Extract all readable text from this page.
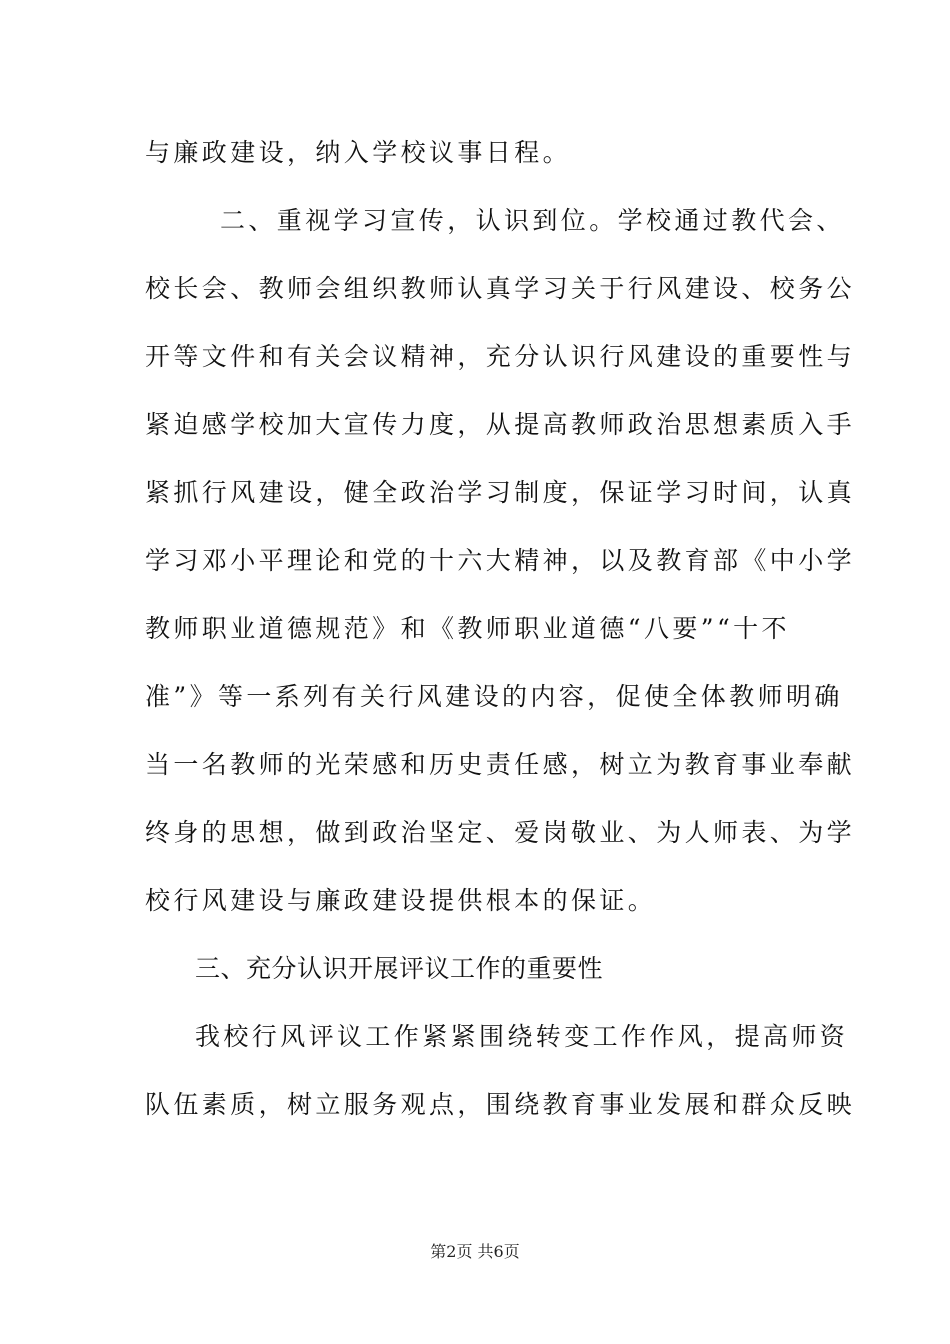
与廉政建设，纳入学校议事日程。
二、重视学习宣传，认识到位。学校通过教代会、
校长会、教师会组织教师认真学习关于行风建设、校务公
开等文件和有关会议精神，充分认识行风建设的重要性与
紧迫感学校加大宣传力度，从提高教师政治思想素质入手
紧抓行风建设，健全政治学习制度，保证学习时间，认真
学习邓小平理论和党的十六大精神，以及教育部《中小学
教师职业道德规范》和《教师职业道德“八要”“十不
准”》等一系列有关行风建设的内容，促使全体教师明确
当一名教师的光荣感和历史责任感，树立为教育事业奉献
终身的思想，做到政治坚定、爱岗敬业、为人师表、为学
校行风建设与廉政建设提供根本的保证。
三、充分认识开展评议工作的重要性
我校行风评议工作紧紧围绕转变工作作风，提高师资
队伍素质，树立服务观点，围绕教育事业发展和群众反映
第2页 共6页
